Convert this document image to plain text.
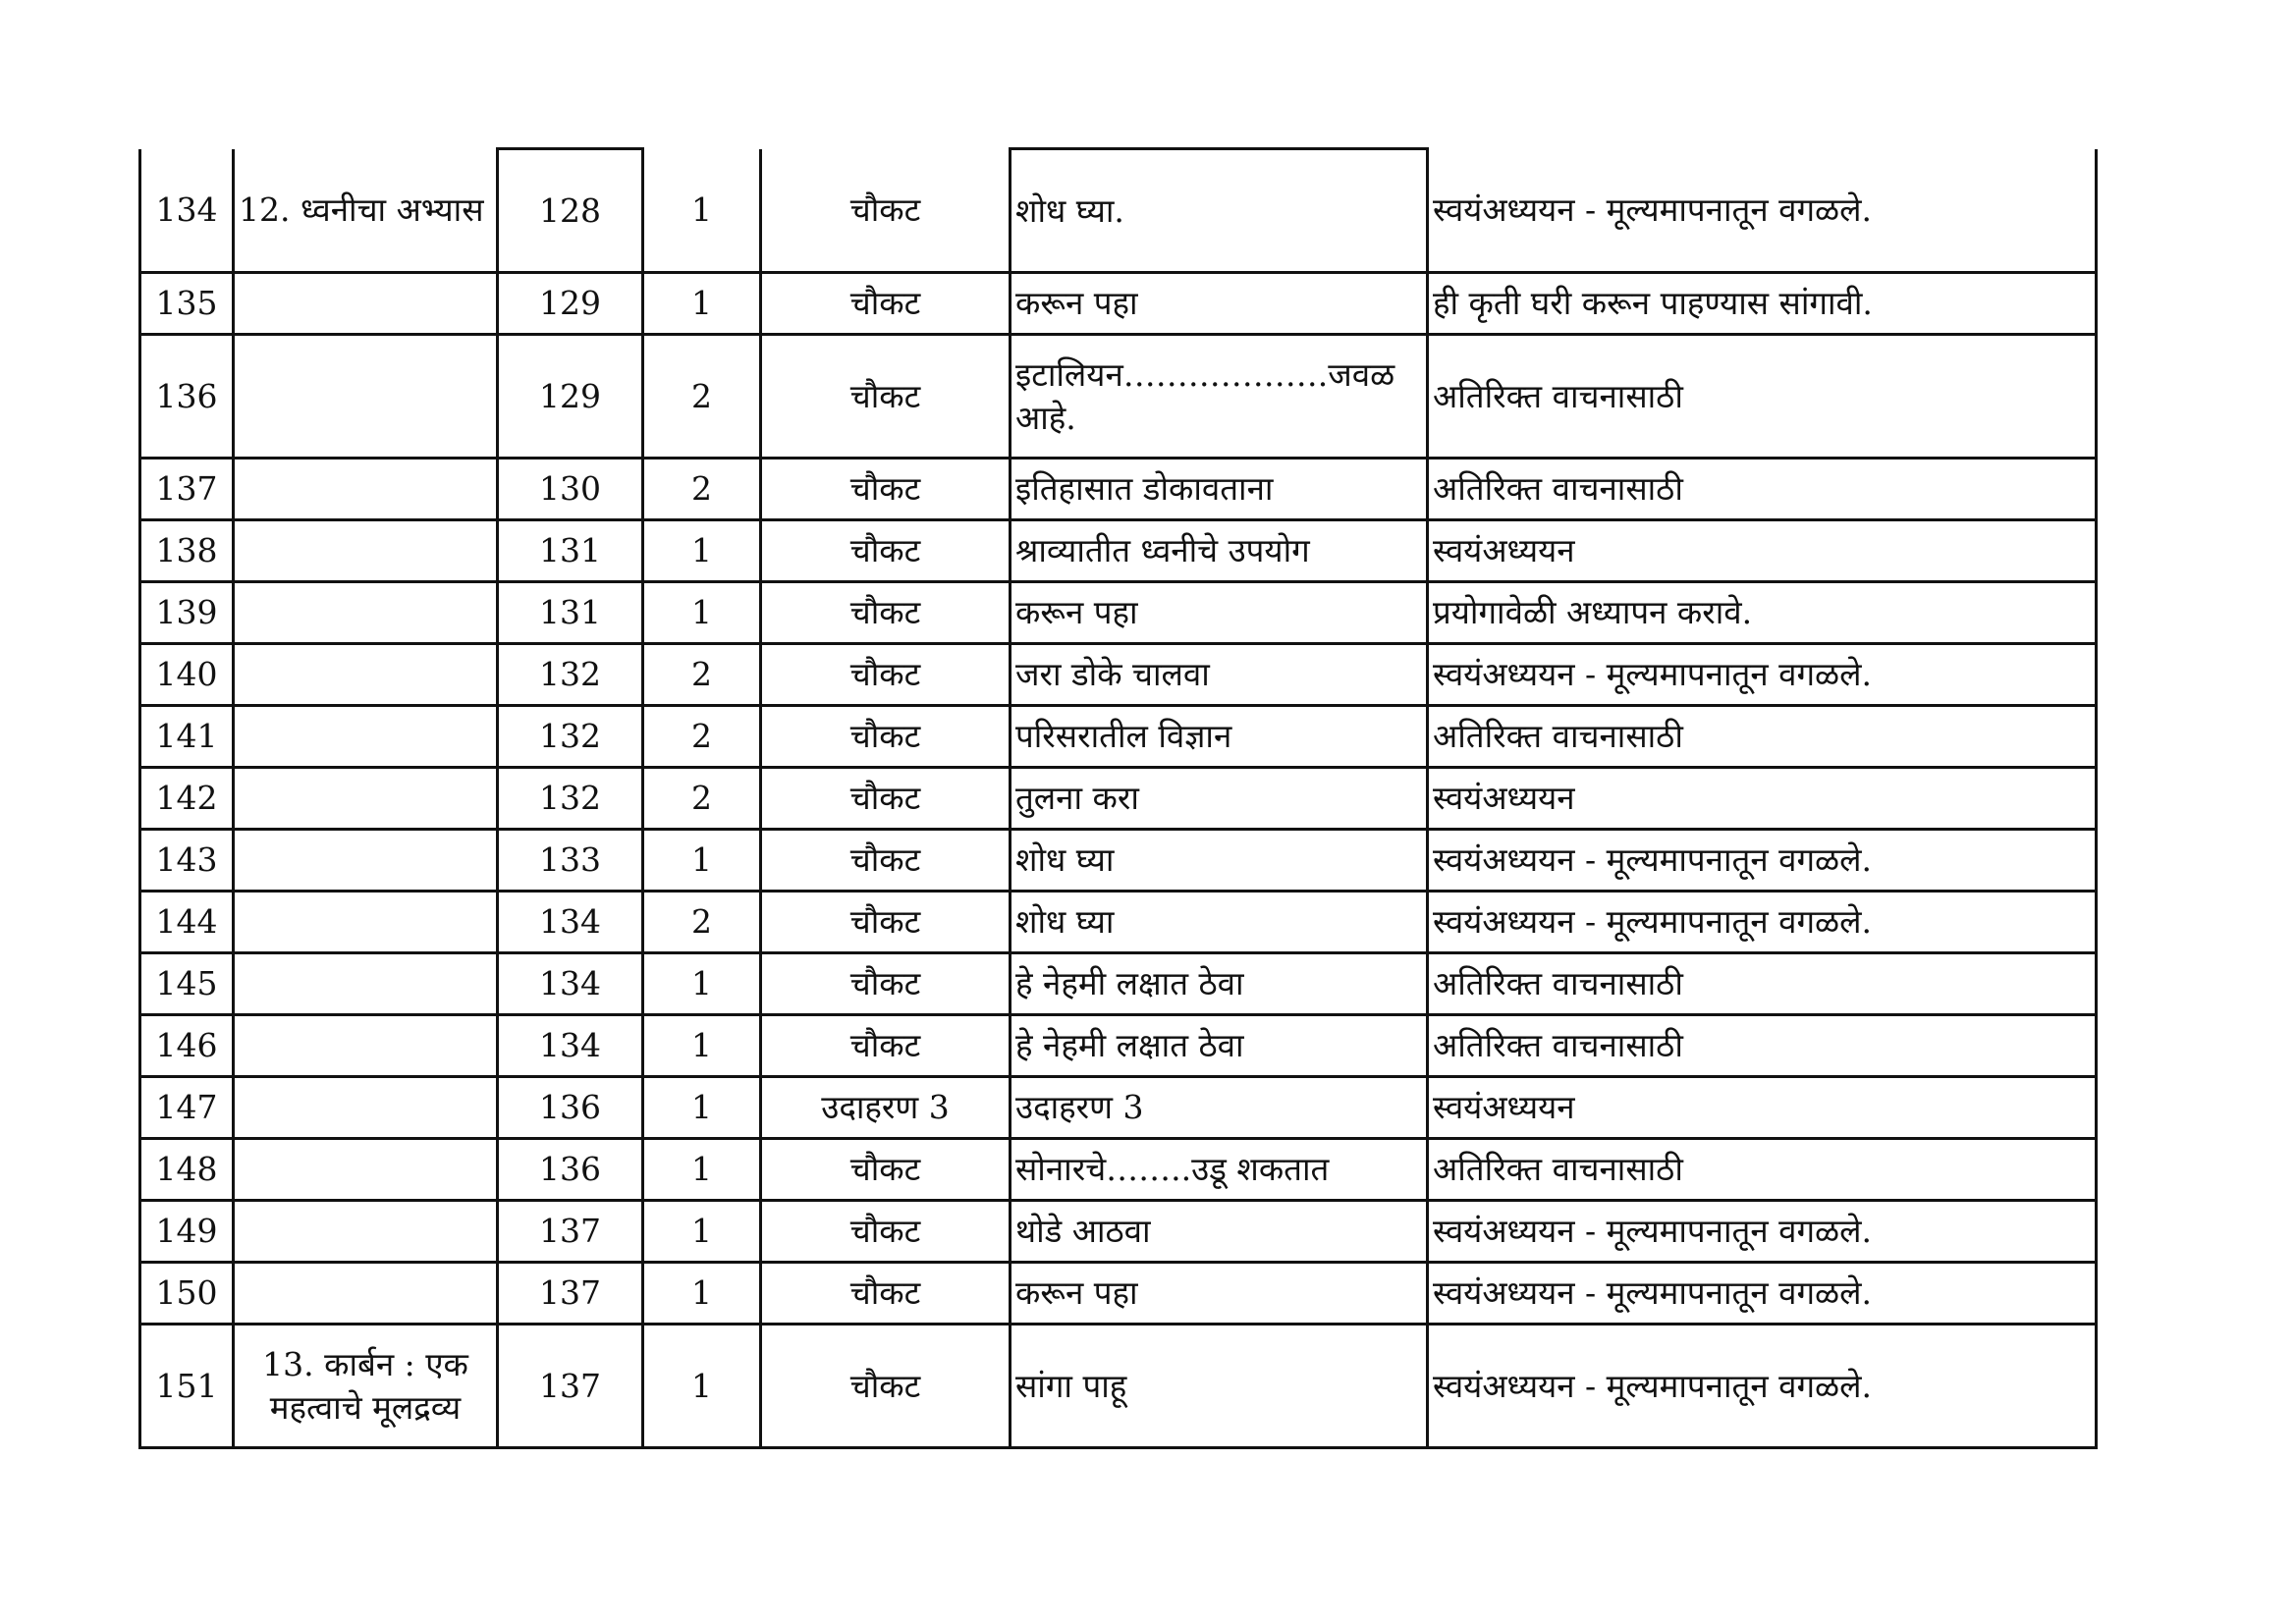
134	12. ध्वनीचा अभ्यास	128	1	चौकट	शोध घ्या.	स्वयंअध्ययन - मूल्यमापनातून वगळले.
135		129	1	चौकट	करून पहा	ही कृती घरी करून पाहण्यास सांगावी.
136		129	2	चौकट	इटालियन……………….जवळ आहे.	अतिरिक्त वाचनासाठी
137		130	2	चौकट	इतिहासात डोकावताना	अतिरिक्त वाचनासाठी
138		131	1	चौकट	श्राव्यातीत ध्वनीचे उपयोग	स्वयंअध्ययन
139		131	1	चौकट	करून पहा	प्रयोगावेळी अध्यापन करावे.
140		132	2	चौकट	जरा डोके चालवा	स्वयंअध्ययन - मूल्यमापनातून वगळले.
141		132	2	चौकट	परिसरातील विज्ञान	अतिरिक्त वाचनासाठी
142		132	2	चौकट	तुलना करा	स्वयंअध्ययन
143		133	1	चौकट	शोध घ्या	स्वयंअध्ययन - मूल्यमापनातून वगळले.
144		134	2	चौकट	शोध घ्या	स्वयंअध्ययन - मूल्यमापनातून वगळले.
145		134	1	चौकट	हे नेहमी लक्षात ठेवा	अतिरिक्त वाचनासाठी
146		134	1	चौकट	हे नेहमी लक्षात ठेवा	अतिरिक्त वाचनासाठी
147		136	1	उदाहरण 3	उदाहरण 3	स्वयंअध्ययन
148		136	1	चौकट	सोनारचे……..उडू शकतात	अतिरिक्त वाचनासाठी
149		137	1	चौकट	थोडे आठवा	स्वयंअध्ययन - मूल्यमापनातून वगळले.
150		137	1	चौकट	करून पहा	स्वयंअध्ययन - मूल्यमापनातून वगळले.
151	13. कार्बन : एक महत्वाचे मूलद्रव्य	137	1	चौकट	सांगा पाहू	स्वयंअध्ययन - मूल्यमापनातून वगळले.
